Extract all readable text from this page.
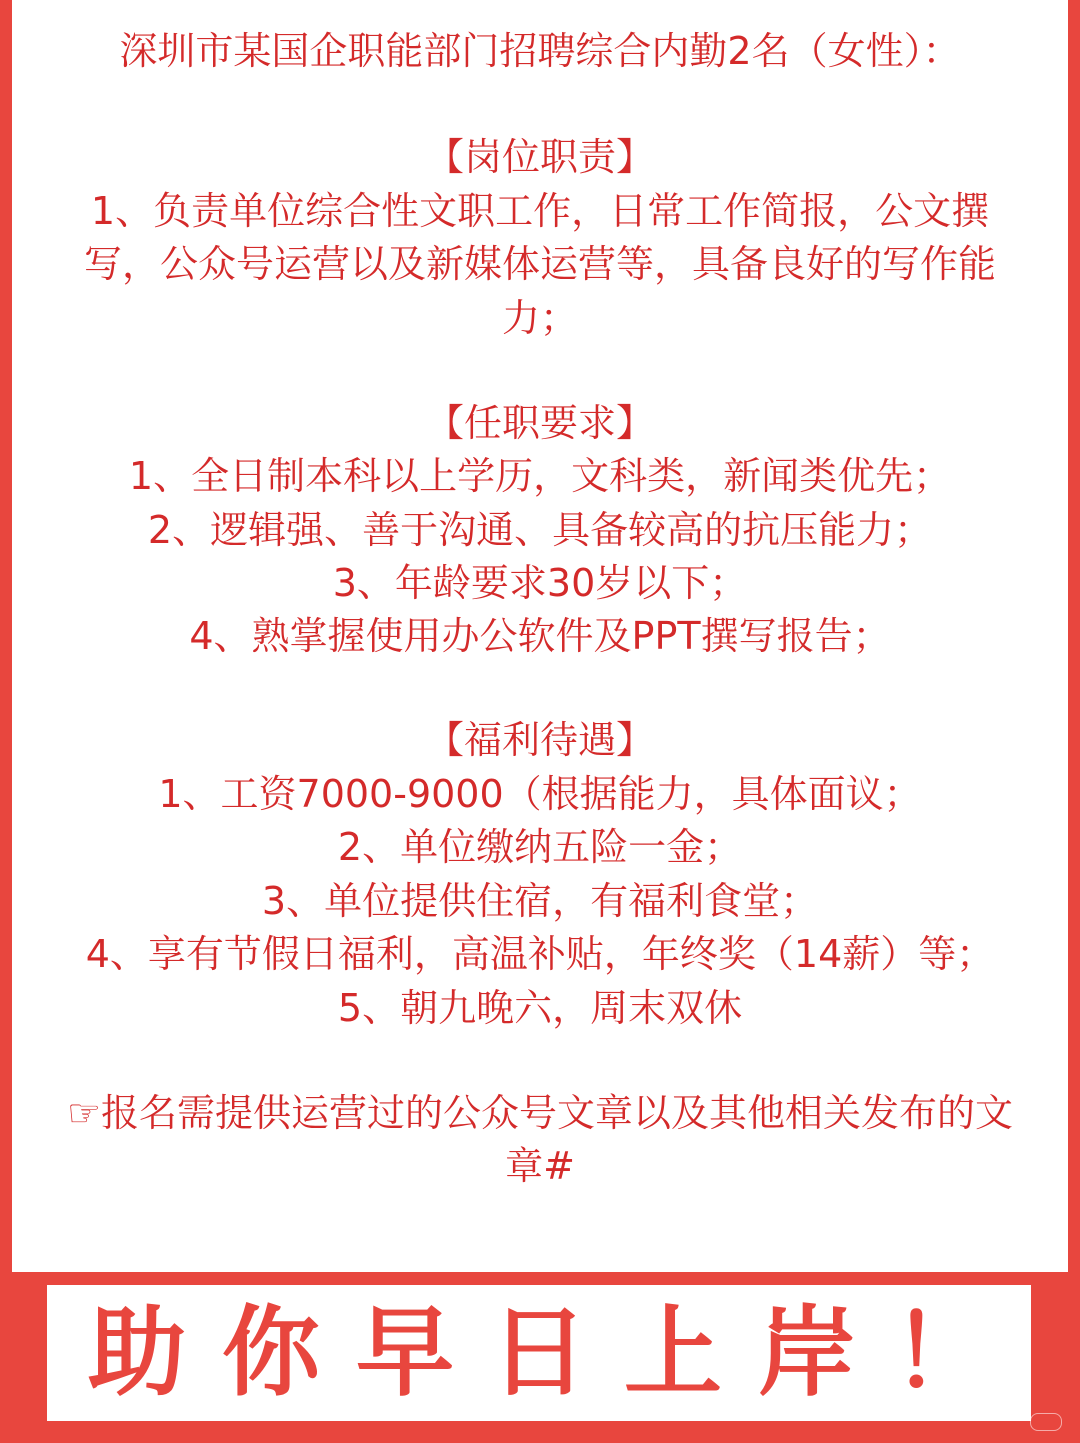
深圳市某国企职能部门招聘综合内勤2名（女性）：
【岗位职责】
1、负责单位综合性文职工作，日常工作简报，公文撰
写，公众号运营以及新媒体运营等，具备良好的写作能
力；
【任职要求】
1、全日制本科以上学历，文科类，新闻类优先；
2、逻辑强、善于沟通、具备较高的抗压能力；
3、年龄要求30岁以下；
4、熟掌握使用办公软件及PPT撰写报告；
【福利待遇】
1、工资7000-9000（根据能力，具体面议；
2、单位缴纳五险一金；
3、单位提供住宿，有福利食堂；
4、享有节假日福利，高温补贴，年终奖（14薪）等；
5、朝九晚六，周末双休
☞报名需提供运营过的公众号文章以及其他相关发布的文
章#
助你早日上岸！
